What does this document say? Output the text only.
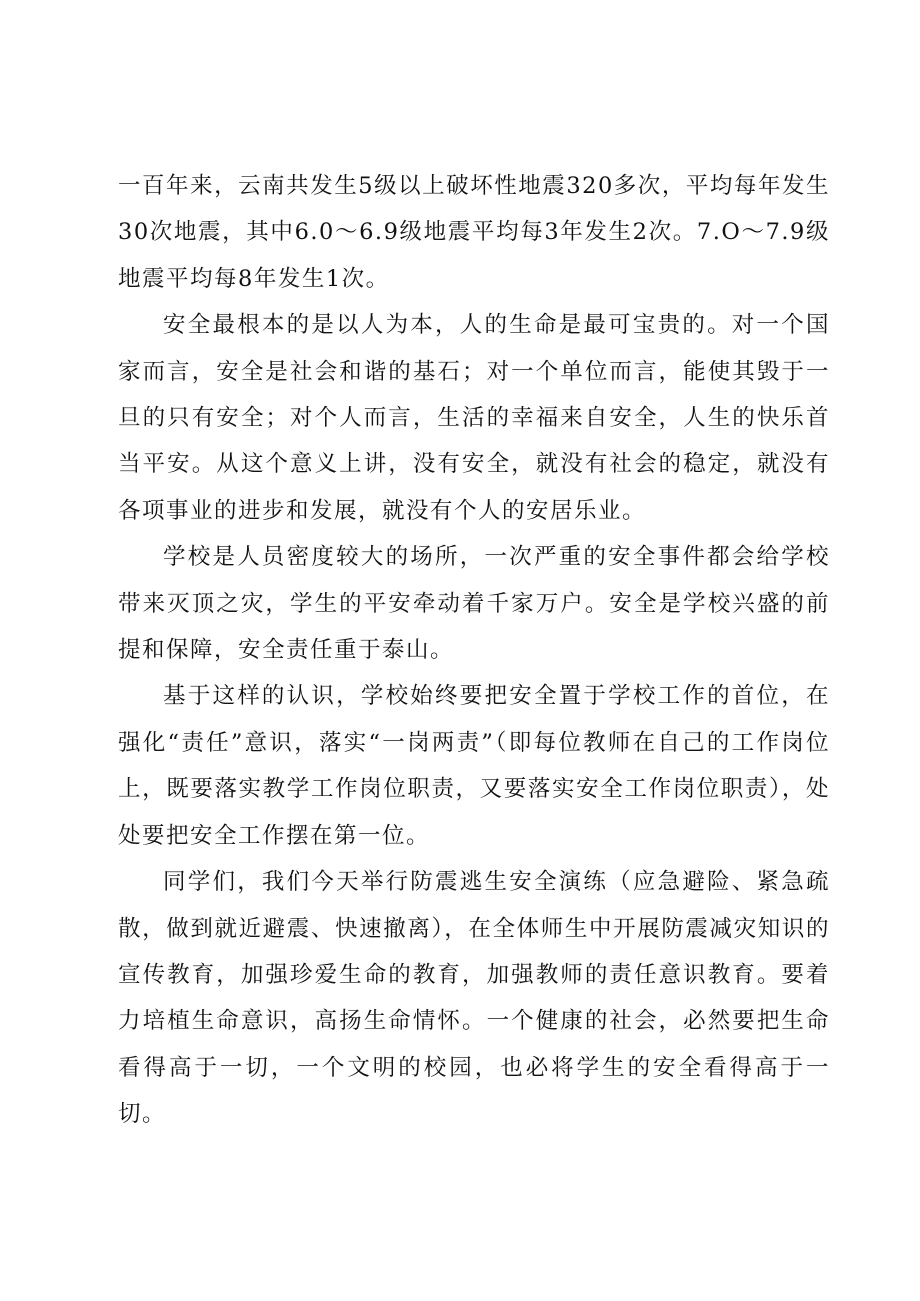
一百年来，云南共发生5级以上破坏性地震320多次，平均每年发生30次地震，其中6.0～6.9级地震平均每3年发生2次。7.O～7.9级地震平均每8年发生1次。

安全最根本的是以人为本，人的生命是最可宝贵的。对一个国家而言，安全是社会和谐的基石；对一个单位而言，能使其毁于一旦的只有安全；对个人而言，生活的幸福来自安全，人生的快乐首当平安。从这个意义上讲，没有安全，就没有社会的稳定，就没有各项事业的进步和发展，就没有个人的安居乐业。

学校是人员密度较大的场所，一次严重的安全事件都会给学校带来灭顶之灾，学生的平安牵动着千家万户。安全是学校兴盛的前提和保障，安全责任重于泰山。

基于这样的认识，学校始终要把安全置于学校工作的首位，在强化“责任”意识，落实“一岗两责”（即每位教师在自己的工作岗位上，既要落实教学工作岗位职责，又要落实安全工作岗位职责），处处要把安全工作摆在第一位。

同学们，我们今天举行防震逃生安全演练（应急避险、紧急疏散，做到就近避震、快速撤离），在全体师生中开展防震减灾知识的宣传教育，加强珍爱生命的教育，加强教师的责任意识教育。要着力培植生命意识，高扬生命情怀。一个健康的社会，必然要把生命看得高于一切，一个文明的校园，也必将学生的安全看得高于一切。
